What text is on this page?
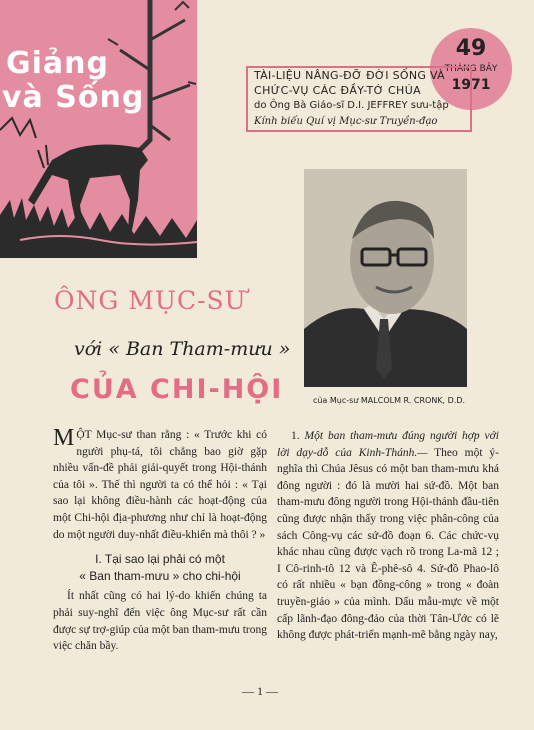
Giảng
và Sống
49
THÁNG BẢY
1971
TÀI-LIỆU NÂNG-ĐỠ ĐỜI SỐNG VÀ
CHỨC-VỤ CÁC ĐẦY-TỚ CHÚA
do Ông Bà Giáo-sĩ D.I. JEFFREY sưu-tập
Kính biếu Quí vị Mục-sư Truyền-đạo
của Mục-sư MALCOLM R. CRONK, D.D.
ÔNG MỤC-SƯ
với « Ban Tham-mưu »
CỦA CHI-HỘI

MỘT Mục-sư than rằng : « Trước khi có người phụ-tá, tôi chẳng bao giờ gặp nhiều vấn-đề phải giải-quyết trong Hội-thánh của tôi ». Thế thì người ta có thể hỏi : « Tại sao lại không điều-hành các hoạt-động của một Chi-hội địa-phương như chỉ là hoạt-động do một người duy-nhất điều-khiển mà thôi ? »

I. Tại sao lại phải có một
« Ban tham-mưu » cho chi-hội

Ít nhất cũng có hai lý-do khiến chúng ta phải suy-nghĩ đến việc ông Mục-sư rất cần được sự trợ-giúp của một ban tham-mưu trong việc chăn bầy.

1. Một ban tham-mưu đúng người hợp với lời dạy-dỗ của Kinh-Thánh.— Theo một ý-nghĩa thì Chúa Jêsus có một ban tham-mưu khá đông người : đó là mười hai sứ-đồ. Một ban tham-mưu đông người trong Hội-thánh đầu-tiên cũng được nhận thấy trong việc phân-công của sách Công-vụ các sứ-đồ đoạn 6. Các chức-vụ khác nhau cũng được vạch rõ trong La-mã 12 ; I Cô-rinh-tô 12 và Ê-phê-sô 4. Sứ-đồ Phao-lô có rất nhiều « bạn đồng-công » trong « đoàn truyền-giáo » của mình. Dấu mẫu-mực về một cấp lãnh-đạo đông-đảo của thời Tân-Ước có lẽ không được phát-triển mạnh-mẽ bằng ngày nay,

— 1 —
